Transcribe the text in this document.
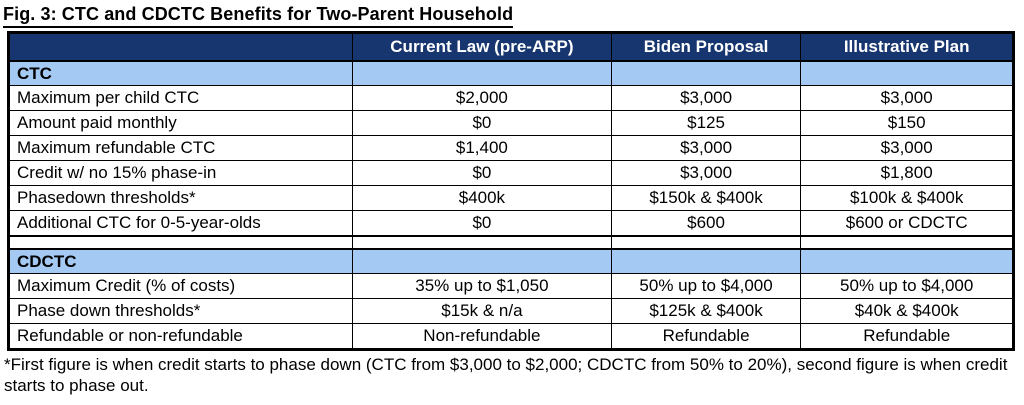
Fig. 3: CTC and CDCTC Benefits for Two-Parent Household
	Current Law (pre-ARP)	Biden Proposal	Illustrative Plan
CTC			
Maximum per child CTC	$2,000	$3,000	$3,000
Amount paid monthly	$0	$125	$150
Maximum refundable CTC	$1,400	$3,000	$3,000
Credit w/ no 15% phase-in	$0	$3,000	$1,800
Phasedown thresholds*	$400k	$150k & $400k	$100k & $400k
Additional CTC for 0-5-year-olds	$0	$600	$600 or CDCTC

CDCTC			
Maximum Credit (% of costs)	35% up to $1,050	50% up to $4,000	50% up to $4,000
Phase down thresholds*	$15k & n/a	$125k & $400k	$40k & $400k
Refundable or non-refundable	Non-refundable	Refundable	Refundable
*First figure is when credit starts to phase down (CTC from $3,000 to $2,000; CDCTC from 50% to 20%), second figure is when credit starts to phase out.
